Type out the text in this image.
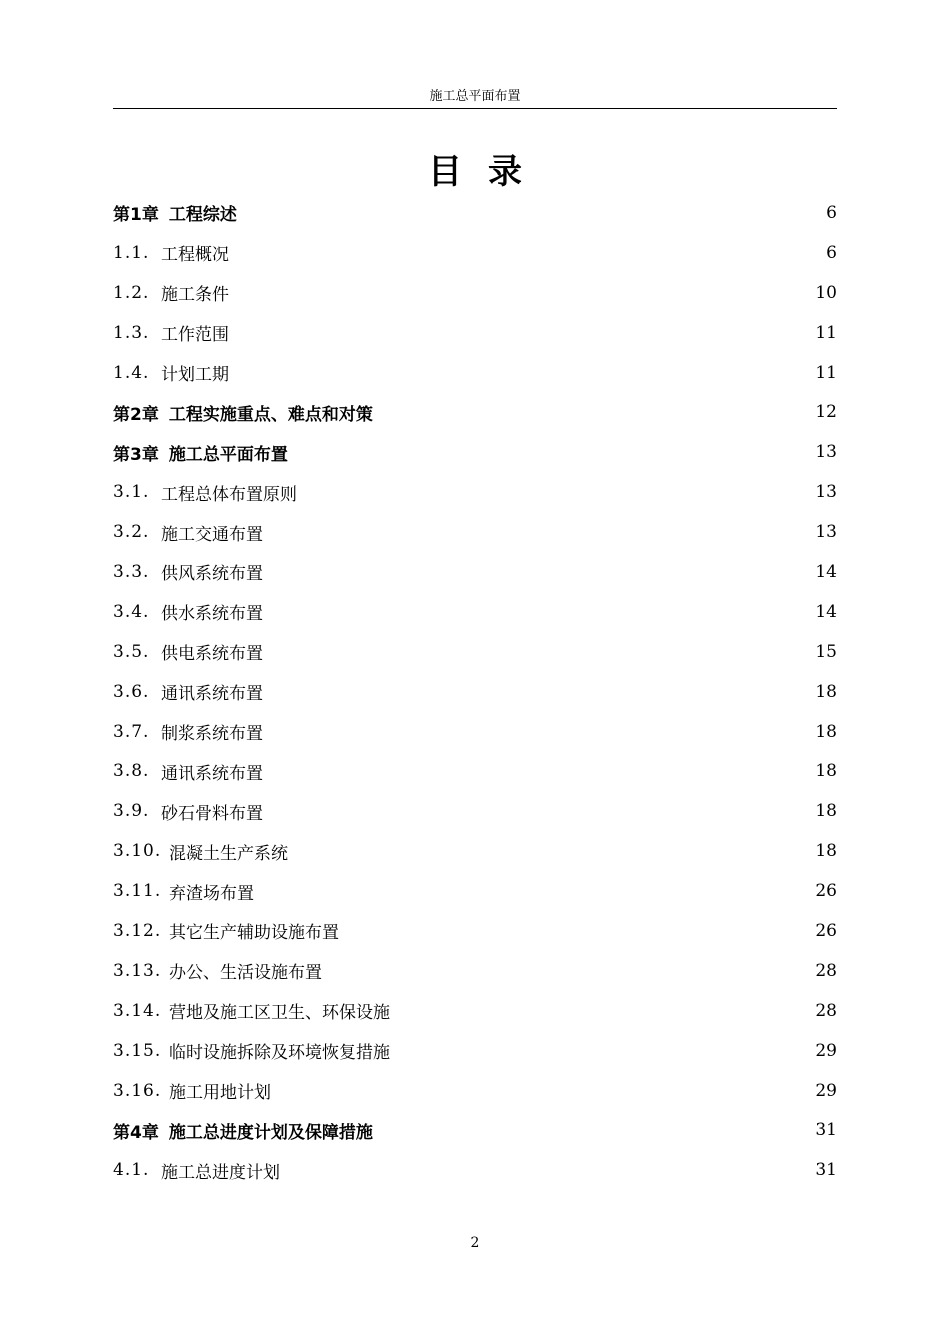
施工总平面布置
目录
第1章 工程综述	6
1.1. 工程概况	6
1.2. 施工条件	10
1.3. 工作范围	11
1.4. 计划工期	11
第2章 工程实施重点、难点和对策	12
第3章 施工总平面布置	13
3.1. 工程总体布置原则	13
3.2. 施工交通布置	13
3.3. 供风系统布置	14
3.4. 供水系统布置	14
3.5. 供电系统布置	15
3.6. 通讯系统布置	18
3.7. 制浆系统布置	18
3.8. 通讯系统布置	18
3.9. 砂石骨料布置	18
3.10. 混凝土生产系统	18
3.11. 弃渣场布置	26
3.12. 其它生产辅助设施布置	26
3.13. 办公、生活设施布置	28
3.14. 营地及施工区卫生、环保设施	28
3.15. 临时设施拆除及环境恢复措施	29
3.16. 施工用地计划	29
第4章 施工总进度计划及保障措施	31
4.1. 施工总进度计划	31
2
